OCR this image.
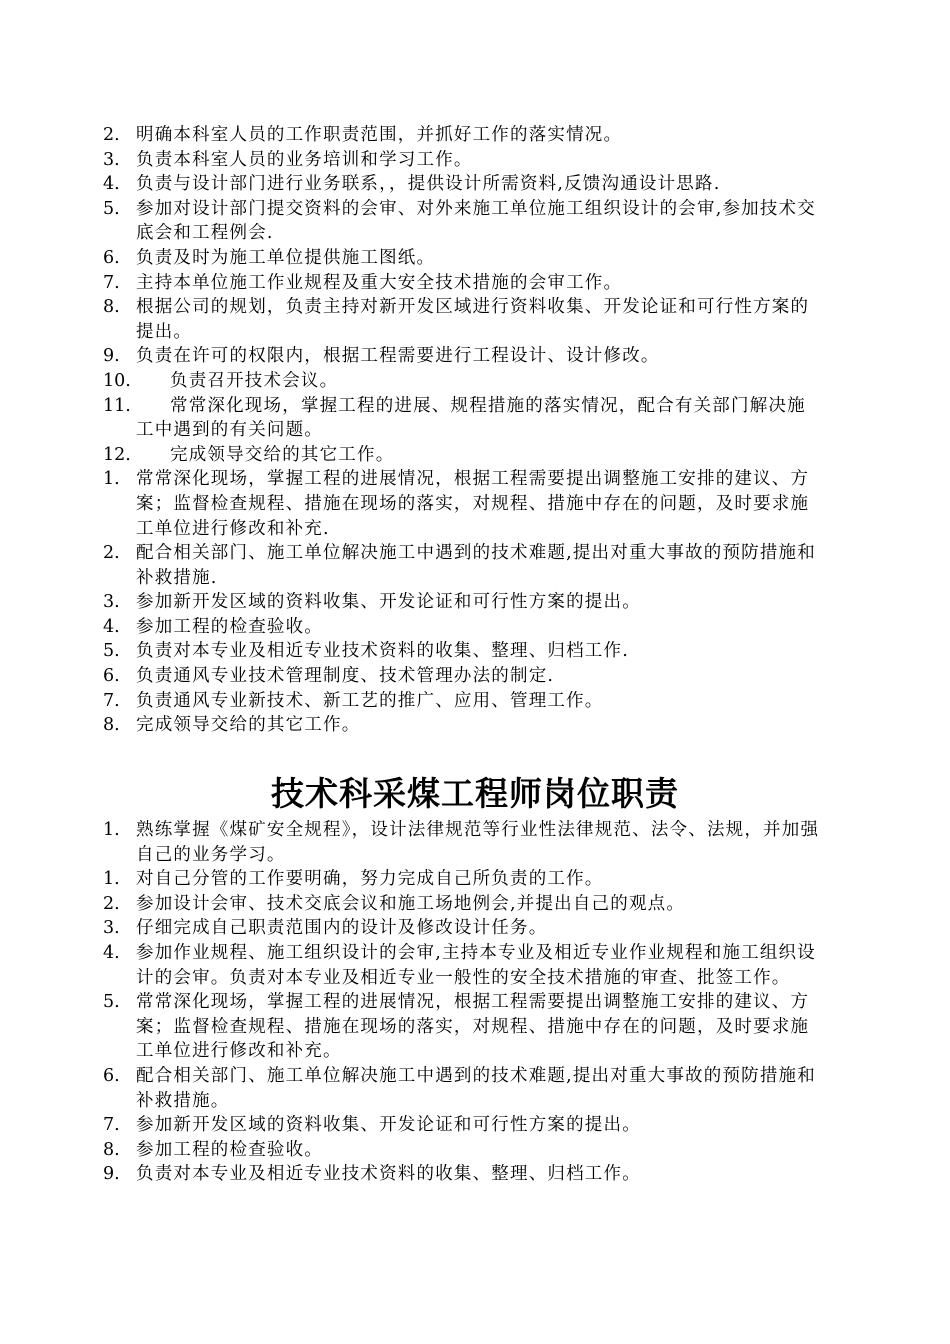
2. 明确本科室人员的工作职责范围，并抓好工作的落实情况。
3. 负责本科室人员的业务培训和学习工作。
4. 负责与设计部门进行业务联系，，提供设计所需资料,反馈沟通设计思路.
5. 参加对设计部门提交资料的会审、对外来施工单位施工组织设计的会审,参加技术交底会和工程例会.
6. 负责及时为施工单位提供施工图纸。
7. 主持本单位施工作业规程及重大安全技术措施的会审工作。
8. 根据公司的规划，负责主持对新开发区域进行资料收集、开发论证和可行性方案的提出。
9. 负责在许可的权限内，根据工程需要进行工程设计、设计修改。
10. 负责召开技术会议。
11. 常常深化现场，掌握工程的进展、规程措施的落实情况，配合有关部门解决施工中遇到的有关问题。
12. 完成领导交给的其它工作。
1. 常常深化现场，掌握工程的进展情况，根据工程需要提出调整施工安排的建议、方案；监督检查规程、措施在现场的落实，对规程、措施中存在的问题，及时要求施工单位进行修改和补充.
2. 配合相关部门、施工单位解决施工中遇到的技术难题,提出对重大事故的预防措施和补救措施.
3. 参加新开发区域的资料收集、开发论证和可行性方案的提出。
4. 参加工程的检查验收。
5. 负责对本专业及相近专业技术资料的收集、整理、归档工作.
6. 负责通风专业技术管理制度、技术管理办法的制定.
7. 负责通风专业新技术、新工艺的推广、应用、管理工作。
8. 完成领导交给的其它工作。
技术科采煤工程师岗位职责
1. 熟练掌握《煤矿安全规程》，设计法律规范等行业性法律规范、法令、法规，并加强自己的业务学习。
1. 对自己分管的工作要明确，努力完成自己所负责的工作。
2. 参加设计会审、技术交底会议和施工场地例会,并提出自己的观点。
3. 仔细完成自己职责范围内的设计及修改设计任务。
4. 参加作业规程、施工组织设计的会审,主持本专业及相近专业作业规程和施工组织设计的会审。负责对本专业及相近专业一般性的安全技术措施的审查、批签工作。
5. 常常深化现场，掌握工程的进展情况，根据工程需要提出调整施工安排的建议、方案；监督检查规程、措施在现场的落实，对规程、措施中存在的问题，及时要求施工单位进行修改和补充。
6. 配合相关部门、施工单位解决施工中遇到的技术难题,提出对重大事故的预防措施和补救措施。
7. 参加新开发区域的资料收集、开发论证和可行性方案的提出。
8. 参加工程的检查验收。
9. 负责对本专业及相近专业技术资料的收集、整理、归档工作。
